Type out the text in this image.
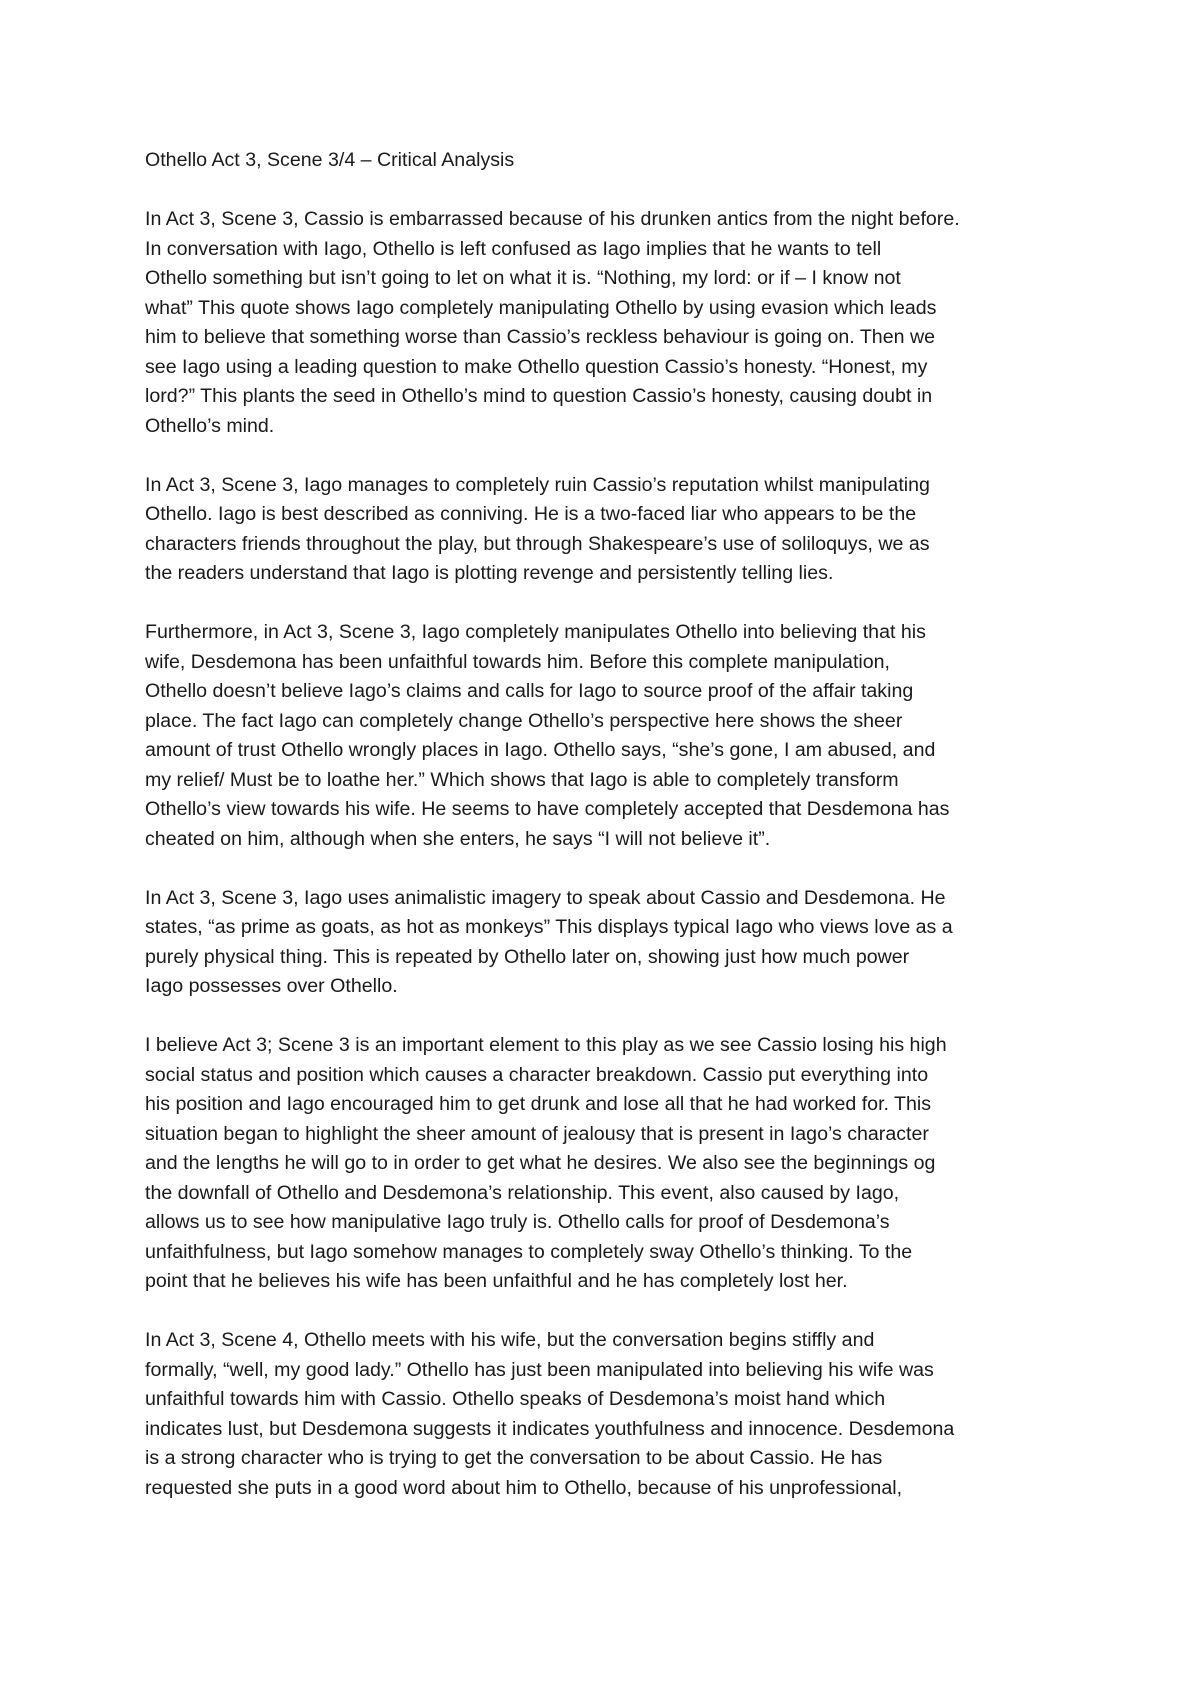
Othello Act 3, Scene 3/4 – Critical Analysis
In Act 3, Scene 3, Cassio is embarrassed because of his drunken antics from the night before.
In conversation with Iago, Othello is left confused as Iago implies that he wants to tell
Othello something but isn’t going to let on what it is. “Nothing, my lord: or if – I know not
what” This quote shows Iago completely manipulating Othello by using evasion which leads
him to believe that something worse than Cassio’s reckless behaviour is going on. Then we
see Iago using a leading question to make Othello question Cassio’s honesty. “Honest, my
lord?” This plants the seed in Othello’s mind to question Cassio’s honesty, causing doubt in
Othello’s mind.
In Act 3, Scene 3, Iago manages to completely ruin Cassio’s reputation whilst manipulating
Othello. Iago is best described as conniving. He is a two-faced liar who appears to be the
characters friends throughout the play, but through Shakespeare’s use of soliloquys, we as
the readers understand that Iago is plotting revenge and persistently telling lies.
Furthermore, in Act 3, Scene 3, Iago completely manipulates Othello into believing that his
wife, Desdemona has been unfaithful towards him. Before this complete manipulation,
Othello doesn’t believe Iago’s claims and calls for Iago to source proof of the affair taking
place. The fact Iago can completely change Othello’s perspective here shows the sheer
amount of trust Othello wrongly places in Iago. Othello says, “she’s gone, I am abused, and
my relief/ Must be to loathe her.” Which shows that Iago is able to completely transform
Othello’s view towards his wife. He seems to have completely accepted that Desdemona has
cheated on him, although when she enters, he says “I will not believe it”.
In Act 3, Scene 3, Iago uses animalistic imagery to speak about Cassio and Desdemona. He
states, “as prime as goats, as hot as monkeys” This displays typical Iago who views love as a
purely physical thing. This is repeated by Othello later on, showing just how much power
Iago possesses over Othello.
I believe Act 3; Scene 3 is an important element to this play as we see Cassio losing his high
social status and position which causes a character breakdown. Cassio put everything into
his position and Iago encouraged him to get drunk and lose all that he had worked for. This
situation began to highlight the sheer amount of jealousy that is present in Iago’s character
and the lengths he will go to in order to get what he desires. We also see the beginnings og
the downfall of Othello and Desdemona’s relationship. This event, also caused by Iago,
allows us to see how manipulative Iago truly is. Othello calls for proof of Desdemona’s
unfaithfulness, but Iago somehow manages to completely sway Othello’s thinking. To the
point that he believes his wife has been unfaithful and he has completely lost her.
In Act 3, Scene 4, Othello meets with his wife, but the conversation begins stiffly and
formally, “well, my good lady.” Othello has just been manipulated into believing his wife was
unfaithful towards him with Cassio. Othello speaks of Desdemona’s moist hand which
indicates lust, but Desdemona suggests it indicates youthfulness and innocence. Desdemona
is a strong character who is trying to get the conversation to be about Cassio. He has
requested she puts in a good word about him to Othello, because of his unprofessional,
